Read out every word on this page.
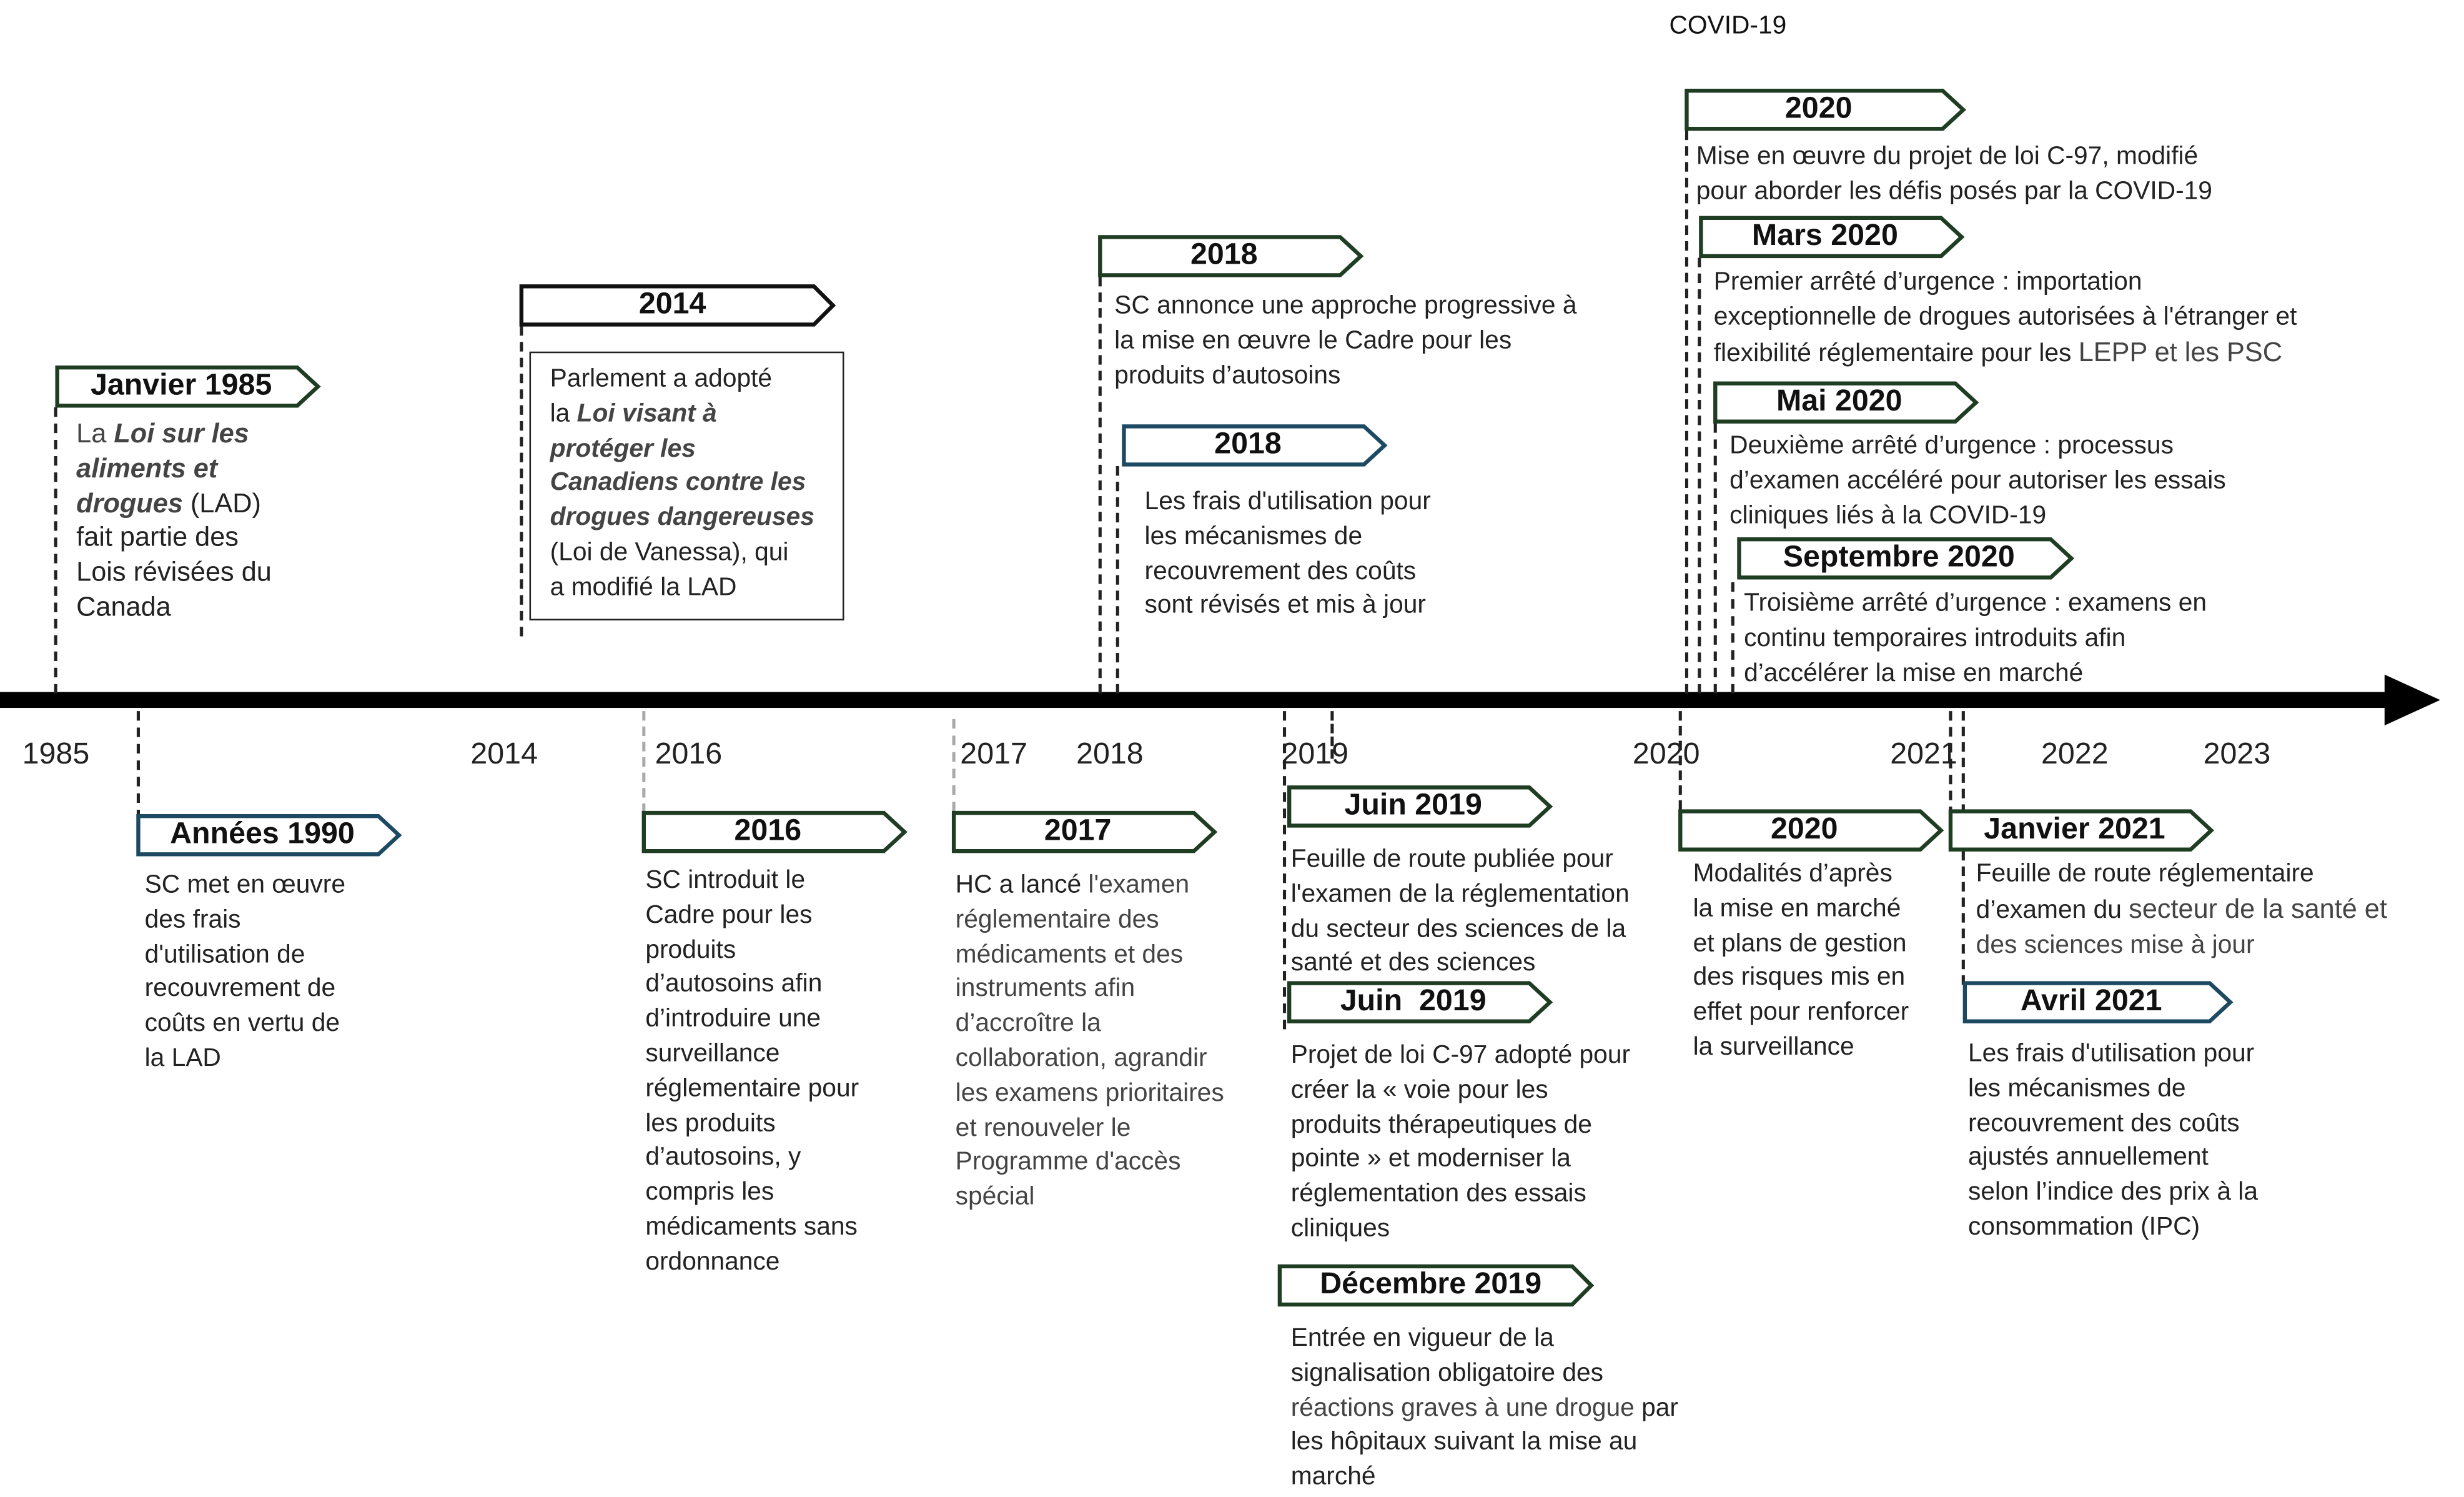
COVID-19
1985	2014	2016	2017	2018	2019	2020	2021	2022	2023
Janvier 1985
La Loi sur les
aliments et
drogues (LAD)
fait partie des
Lois révisées du
Canada
2014
Parlement a adopté
la Loi visant à
protéger les
Canadiens contre les
drogues dangereuses
(Loi de Vanessa), qui
a modifié la LAD
2018
SC annonce une approche progressive à
la mise en œuvre le Cadre pour les
produits d’autosoins
2018
Les frais d'utilisation pour
les mécanismes de
recouvrement des coûts
sont révisés et mis à jour
2020
Mise en œuvre du projet de loi C-97, modifié
pour aborder les défis posés par la COVID-19
Mars 2020
Premier arrêté d’urgence : importation
exceptionnelle de drogues autorisées à l'étranger et
flexibilité réglementaire pour les LEPP et les PSC
Mai 2020
Deuxième arrêté d’urgence : processus
d’examen accéléré pour autoriser les essais
cliniques liés à la COVID-19
Septembre 2020
Troisième arrêté d’urgence : examens en
continu temporaires introduits afin
d’accélérer la mise en marché
Années 1990
SC met en œuvre
des frais
d'utilisation de
recouvrement de
coûts en vertu de
la LAD
2016
SC introduit le
Cadre pour les
produits
d’autosoins afin
d’introduire une
surveillance
réglementaire pour
les produits
d’autosoins, y
compris les
médicaments sans
ordonnance
2017
HC a lancé l'examen
réglementaire des
médicaments et des
instruments afin
d’accroître la
collaboration, agrandir
les examens prioritaires
et renouveler le
Programme d'accès
spécial
Juin 2019
Feuille de route publiée pour
l'examen de la réglementation
du secteur des sciences de la
santé et des sciences
Juin  2019
Projet de loi C-97 adopté pour
créer la « voie pour les
produits thérapeutiques de
pointe » et moderniser la
réglementation des essais
cliniques
Décembre 2019
Entrée en vigueur de la
signalisation obligatoire des
réactions graves à une drogue par
les hôpitaux suivant la mise au
marché
2020
Modalités d’après
la mise en marché
et plans de gestion
des risques mis en
effet pour renforcer
la surveillance
Janvier 2021
Feuille de route réglementaire
d’examen du secteur de la santé et
des sciences mise à jour
Avril 2021
Les frais d'utilisation pour
les mécanismes de
recouvrement des coûts
ajustés annuellement
selon l’indice des prix à la
consommation (IPC)
